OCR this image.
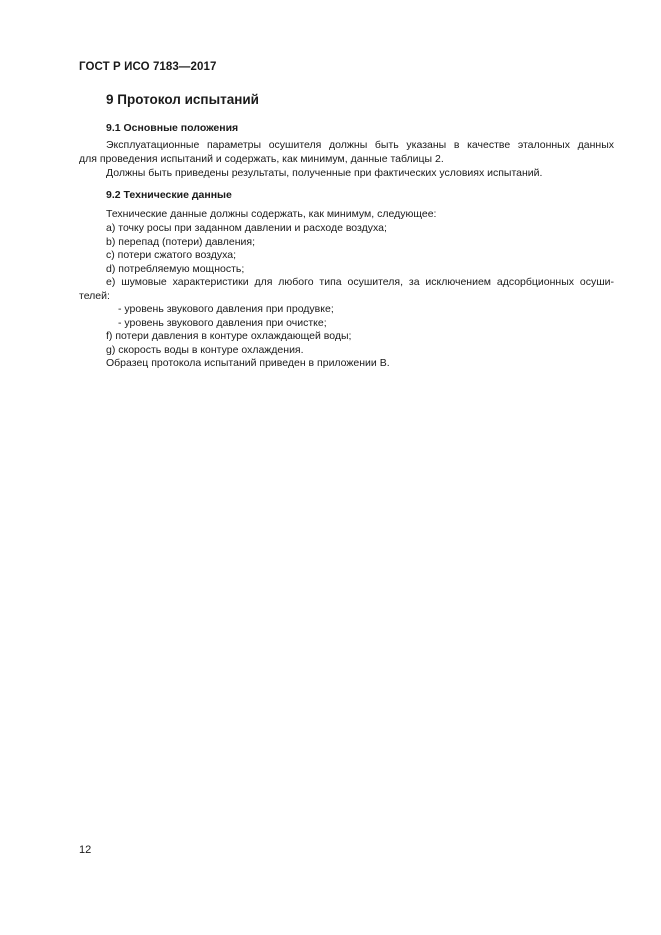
ГОСТ Р ИСО 7183—2017
9 Протокол испытаний
9.1 Основные положения
Эксплуатационные параметры осушителя должны быть указаны в качестве эталонных данных
для проведения испытаний и содержать, как минимум, данные таблицы 2.
Должны быть приведены результаты, полученные при фактических условиях испытаний.
9.2 Технические данные
Технические данные должны содержать, как минимум, следующее:
a) точку росы при заданном давлении и расходе воздуха;
b) перепад (потери) давления;
c) потери сжатого воздуха;
d) потребляемую мощность;
e) шумовые характеристики для любого типа осушителя, за исключением адсорбционных осуши-
телей:
- уровень звукового давления при продувке;
- уровень звукового давления при очистке;
f) потери давления в контуре охлаждающей воды;
g) скорость воды в контуре охлаждения.
Образец протокола испытаний приведен в приложении В.
12
